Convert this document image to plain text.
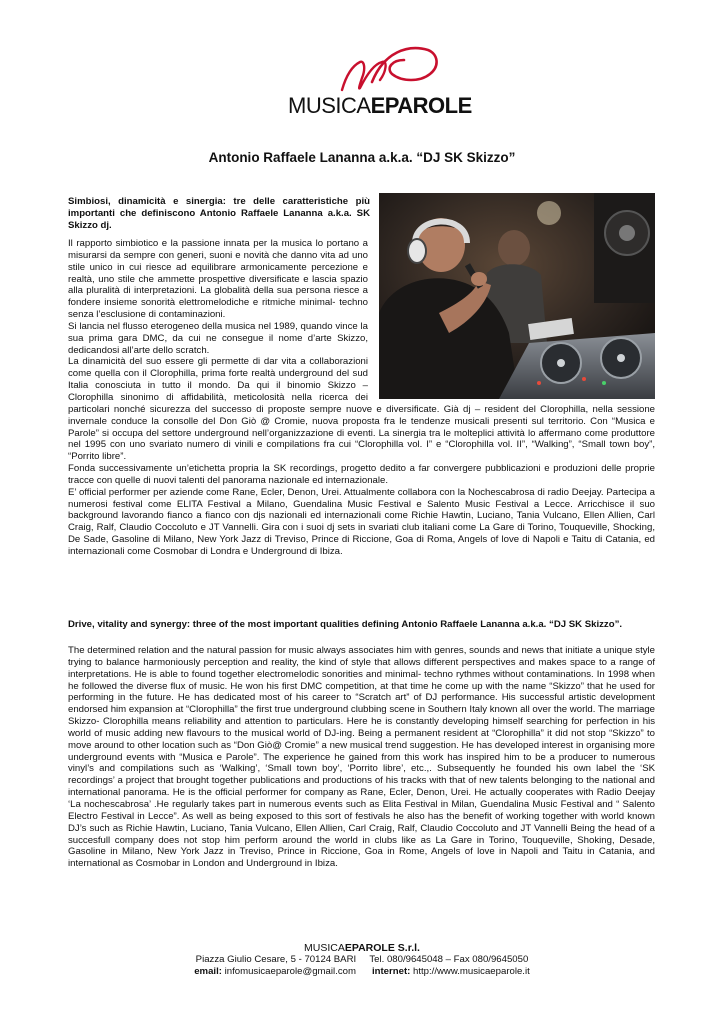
MUSICAEPAROLE
Antonio Raffaele Lananna a.k.a. “DJ SK Skizzo”
Simbiosi, dinamicità e sinergia: tre delle caratteristiche più importanti che definiscono Antonio Raffaele Lananna a.k.a. SK Skizzo dj.

Il rapporto simbiotico e la passione innata per la musica lo portano a misurarsi da sempre con generi, suoni e novità che danno vita ad uno stile unico in cui riesce ad equilibrare armonicamente percezione e realtà, uno stile che ammette prospettive diversificate e lascia spazio alla pluralità di interpretazioni. La globalità della sua persona riesce a fondere insieme sonorità elettromelodiche e ritmiche minimal- techno senza l’esclusione di contaminazioni.

Si lancia nel flusso eterogeneo della musica nel 1989, quando vince la sua prima gara DMC, da cui ne consegue il nome d’arte Skizzo, dedicandosi all’arte dello scratch.

La dinamicità del suo essere gli permette di dar vita a collaborazioni come quella con il Clorophilla, prima forte realtà underground del sud Italia conosciuta in tutto il mondo. Da qui il binomio Skizzo – Clorophilla sinonimo di affidabilità, meticolosità nella ricerca dei particolari nonché sicurezza del successo di proposte sempre nuove e diversificate. Già dj – resident del Clorophilla, nella sessione invernale conduce la consolle del Don Giò @ Cromie, nuova proposta fra le tendenze musicali presenti sul territorio. Con “Musica e Parole” si occupa del settore underground nell’organizzazione di eventi. La sinergia tra le molteplici attività lo affermano come produttore nel 1995 con uno svariato numero di vinili e compilations fra cui “Clorophilla vol. I” e “Clorophilla vol. II”, “Walking”, “Small town boy”, “Porrito libre”.

Fonda successivamente un’etichetta propria la SK recordings, progetto dedito a far convergere pubblicazioni e produzioni delle proprie tracce con quelle di nuovi talenti del panorama nazionale ed internazionale.

E’ official performer per aziende come Rane, Ecler, Denon, Urei. Attualmente collabora con la Nochescabrosa di radio Deejay. Partecipa a numerosi festival come ELITA Festival a Milano, Guendalina Music Festival e Salento Music Festival a Lecce. Arricchisce il suo background lavorando fianco a fianco con djs nazionali ed internazionali come Richie Hawtin, Luciano, Tania Vulcano, Ellen Allien, Carl Craig, Ralf, Claudio Coccoluto e JT Vannelli. Gira con i suoi dj sets in svariati club italiani come La Gare di Torino, Touqueville, Shocking, De Sade, Gasoline di Milano, New York Jazz di Treviso, Prince di Riccione, Goa di Roma, Angels of love di Napoli e Taitu di Catania, ed internazionali come Cosmobar di Londra e Underground di Ibiza.

Drive, vitality and synergy: three of the most important qualities defining Antonio Raffaele Lananna a.k.a. “DJ SK Skizzo”.

The determined relation and the natural passion for music always associates him with genres, sounds and news that initiate a unique style trying to balance harmoniously perception and reality, the kind of style that allows different perspectives and makes space to a range of interpretations. He is able to found together electromelodic sonorities and minimal- techno rythmes without contaminations. In 1998 when he followed the diverse flux of music. He won his first DMC competition, at that time he come up with the name “Skizzo” that he used for performing in the future. He has dedicated most of his career to “Scratch art” of DJ performance. His successful artistic development endorsed him expansion at “Clorophilla” the first true underground clubbing scene in Southern Italy known all over the world. The marriage Skizzo- Clorophilla means reliability and attention to particulars. Here he is constantly developing himself searching for perfection in his world of music adding new flavours to the musical world of DJ-ing. Being a permanent resident at “Clorophilla” it did not stop “Skizzo” to move around to other location such as “Don Giò@ Cromie” a new musical trend suggestion. He has developed interest in organising more underground events with “Musica e Parole”. The experience he gained from this work has inspired him to be a producer to numerous vinyl’s and compilations such as ‘Walking’, ‘Small town boy’, ‘Porrito libre’, etc.,. Subsequently he founded his own label the ‘SK recordings’ a project that brought together publications and productions of his tracks with that of new talents belonging to the national and international panorama. He is the official performer for company as Rane, Ecler, Denon, Urei. He actually cooperates with Radio Deejay ‘La nochescabrosa’ .He regularly takes part in numerous events such as Elita Festival in Milan, Guendalina Music Festival and “ Salento Electro Festival in Lecce”. As well as being exposed to this sort of festivals he also has the benefit of working together with world known DJ’s such as Richie Hawtin, Luciano, Tania Vulcano, Ellen Allien, Carl Craig, Ralf, Claudio Coccoluto and JT Vannelli Being the head of a succesfull company does not stop him perform around the world in clubs like as La Gare in Torino, Touqueville, Shoking, Desade, Gasoline in Milano, New York Jazz in Treviso, Prince in Riccione, Goa in Rome, Angels of love in Napoli and Taitu in Catania, and international as Cosmobar in London and Underground in Ibiza.

MUSICAEPAROLE S.r.l.
Piazza Giulio Cesare, 5 - 70124 BARI Tel. 080/9645048 – Fax 080/9645050
email: infomusicaeparole@gmail.com internet: http://www.musicaeparole.it
